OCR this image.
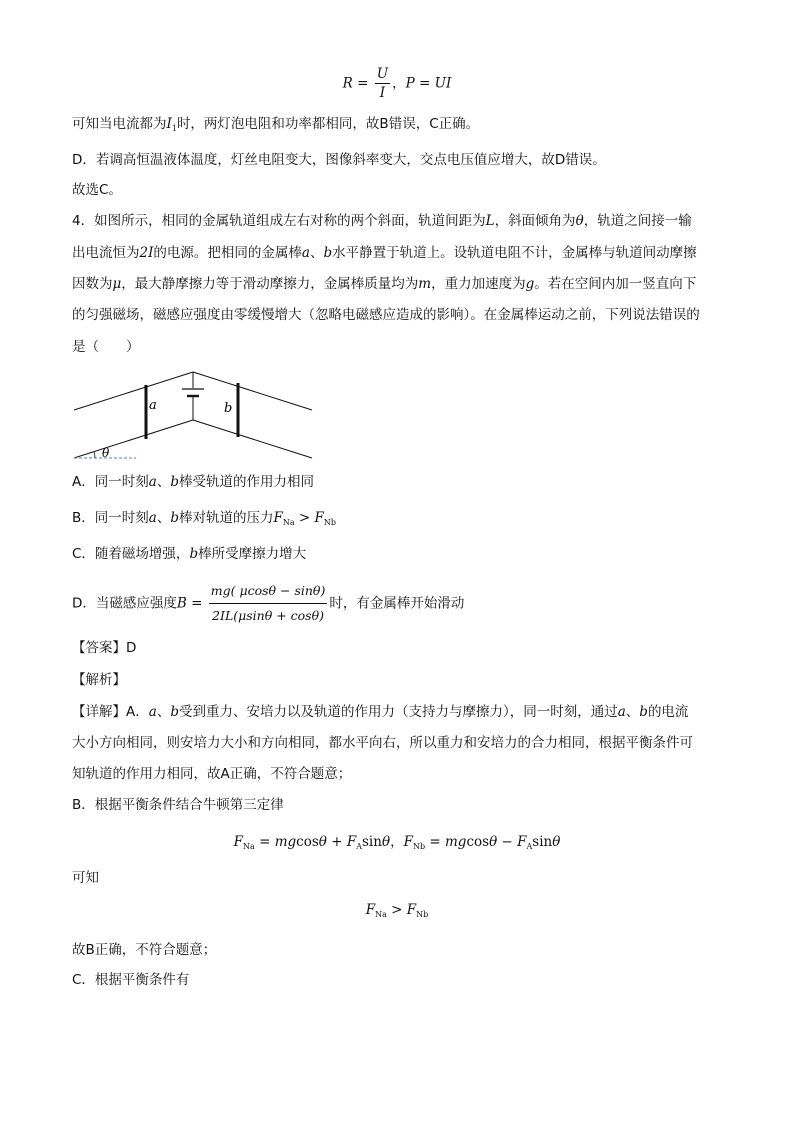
$R = \frac{U}{I}$ ，P = UI
可知当电流都为$I_1$时，两灯泡电阻和功率都相同，故B错误，C正确。
D．若调高恒温液体温度，灯丝电阻变大，图像斜率变大，交点电压值应增大，故D错误。
故选C。
4．如图所示，相同的金属轨道组成左右对称的两个斜面，轨道间距为L，斜面倾角为θ，轨道之间接一输
出电流恒为2I的电源。把相同的金属棒a、b水平静置于轨道上。设轨道电阻不计，金属棒与轨道间动摩擦
因数为μ，最大静摩擦力等于滑动摩擦力，金属棒质量均为m，重力加速度为g。若在空间内加一竖直向下
的匀强磁场，磁感应强度由零缓慢增大（忽略电磁感应造成的影响）。在金属棒运动之前，下列说法错误的
是（　　）
a	b
θ
A．同一时刻a、b棒受轨道的作用力相同
B．同一时刻a、b棒对轨道的压力$F_{Na} > F_{Nb}$
C．随着磁场增强，b棒所受摩擦力增大
D．当磁感应强度$B = \frac{mg( \mu\cos\theta - \sin\theta)}{2IL(\mu\sin\theta + \cos\theta)}$ 时，有金属棒开始滑动
【答案】D
【解析】
【详解】A．a、b受到重力、安培力以及轨道的作用力（支持力与摩擦力），同一时刻，通过a、b的电流
大小方向相同，则安培力大小和方向相同，都水平向右，所以重力和安培力的合力相同，根据平衡条件可
知轨道的作用力相同，故A正确，不符合题意；
B．根据平衡条件结合牛顿第三定律
$F_{Na} = mgcos\theta + F_A\sin\theta$，$F_{Nb} = mgcos\theta - F_A\sin\theta$
可知
$F_{Na} > F_{Nb}$
故B正确，不符合题意；
C．根据平衡条件有
